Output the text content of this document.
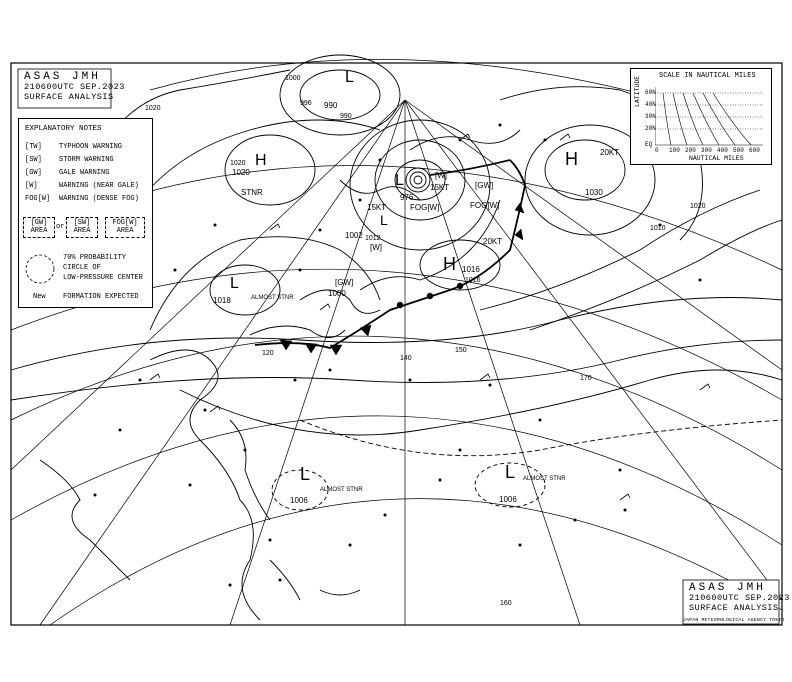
L
990
976
L
L
1000
1002
L
1018	ALMOST STNR
L
1006
ALMOST STNR
L
1006
ALMOST STNR
H
1020
H 1016
H
1030
FOG[W]	FOG[W]
[GW]
[GW]
[W]
[W]
15KT
20KT
15KT
20KT
STNR
1000
1020
1020
1010
1016
1020
990
996
1012
120
140
150
160
170
ASAS JMH
210600UTC SEP.2023
SURFACE ANALYSIS
ASAS JMH
210600UTC SEP.2023
SURFACE ANALYSIS
JAPAN METEOROLOGICAL AGENCY TOKYO
EXPLANATORY NOTES
[TW] TYPHOON WARNING
[SW] STORM WARNING
[GW] GALE WARNING
[W]	WARNING (NEAR GALE)
FOG[W] WARNING (DENSE FOG)
[GW] AREA	or	[SW] AREA
FOG[W] AREA
70% PROBABILITY
CIRCLE OF
LOW-PRESSURE CENTER
New FORMATION EXPECTED
SCALE IN NAUTICAL MILES
LATITUDE 60N
40N
30N
20N
EQ
0 100 200 300 400 500 600
NAUTICAL MILES
